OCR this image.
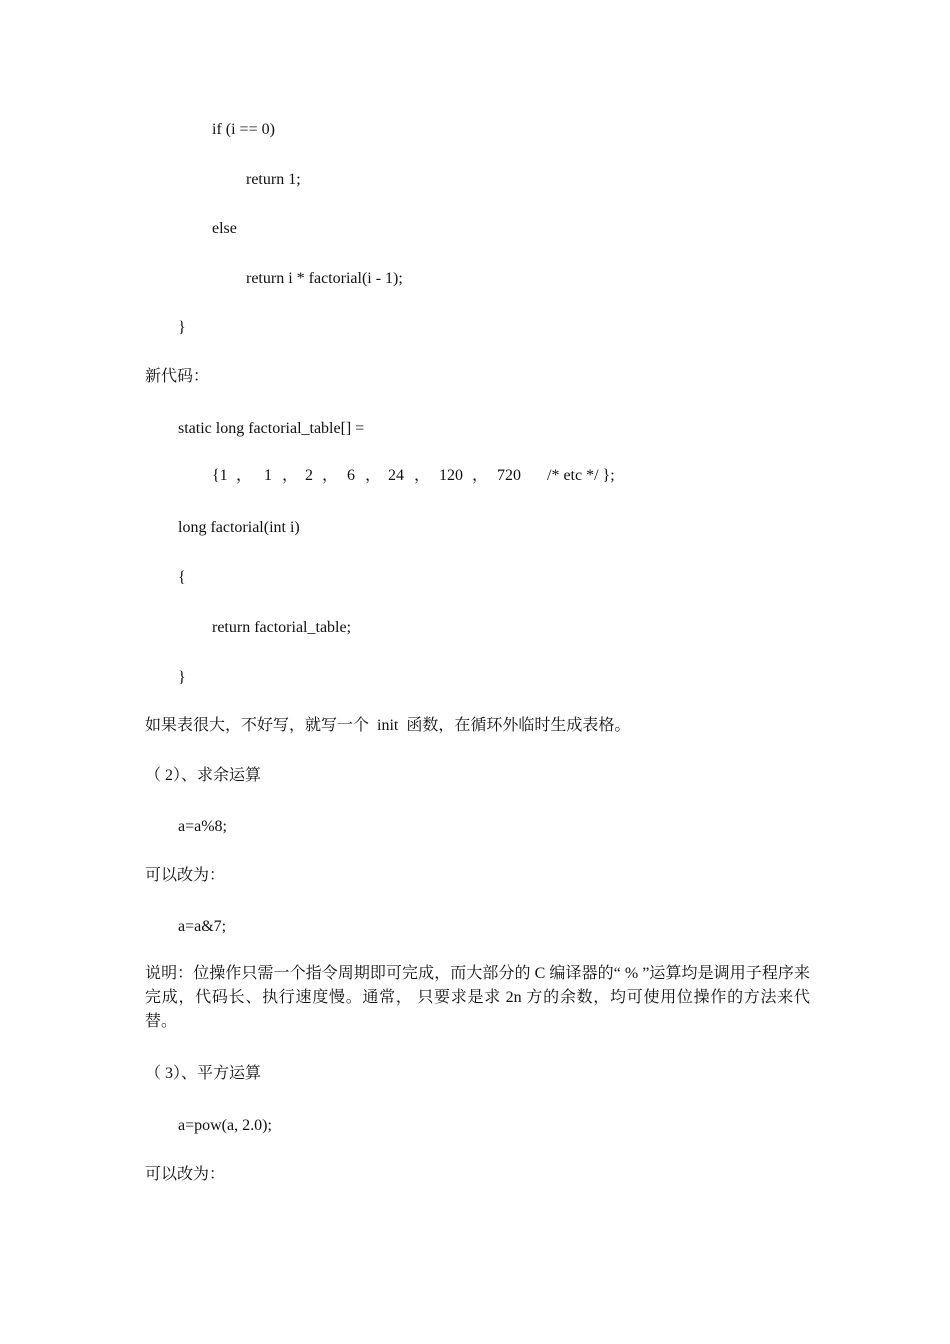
if (i == 0)
return 1;
else
return i * factorial(i - 1);
}
新代码：
static long factorial_table[] =

{1

，

1

，

2

，

6

，

24

，

120

，

720

/* etc */ };

long factorial(int i)
{
return factorial_table;
}
如果表很大，不好写，就写一个  init  函数，在循环外临时生成表格。
（ 2）、求余运算
a=a%8;
可以改为：
a=a&7;
说明：位操作只需一个指令周期即可完成，而大部分的 C 编译器的“ % ”运算均是调用子程序来完成，代码长、执行速度慢。通常， 只要求是求 2n 方的余数，均可使用位操作的方法来代替。
（ 3）、平方运算
a=pow(a, 2.0);
可以改为：
